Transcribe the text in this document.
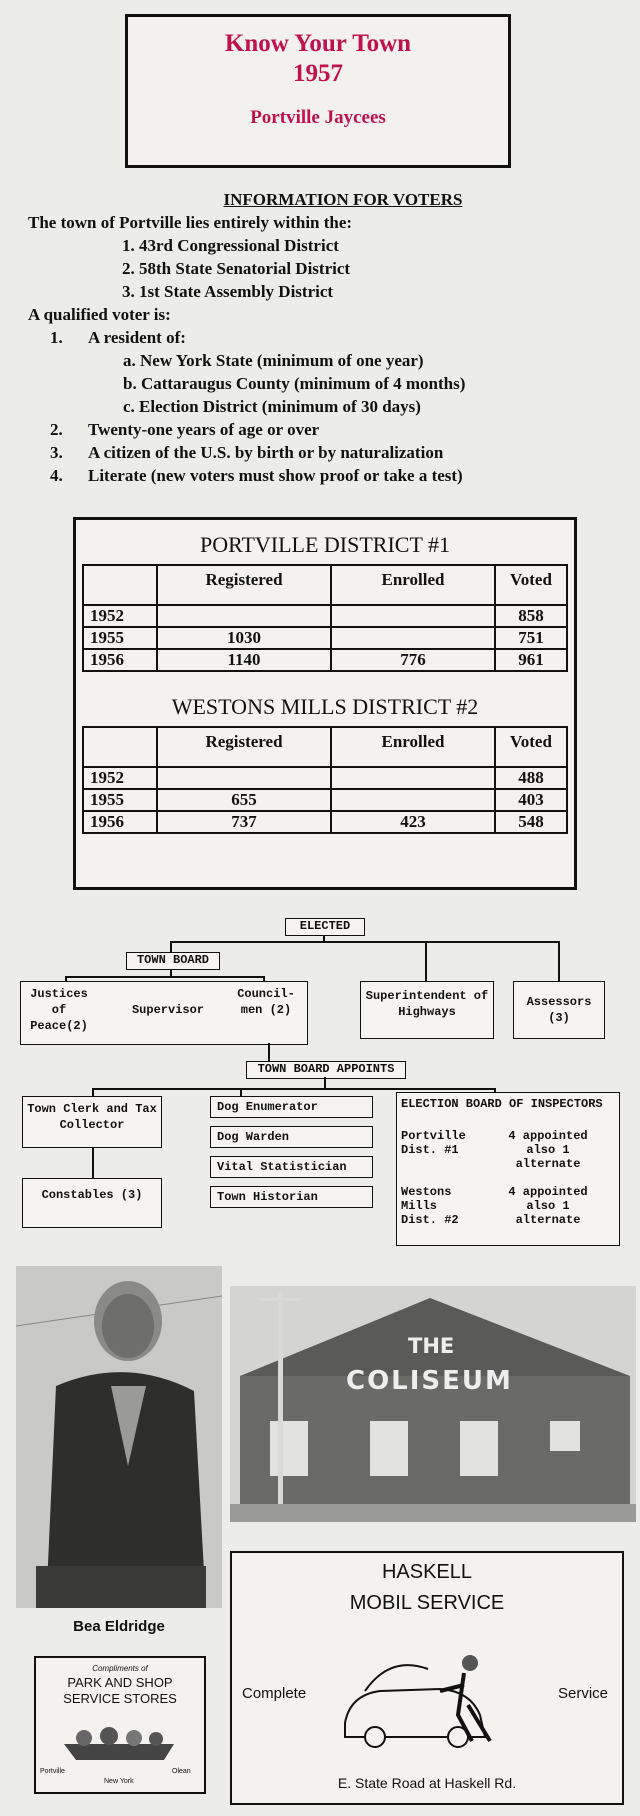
Know Your Town
1957
Portville Jaycees
INFORMATION FOR VOTERS
The town of Portville lies entirely within the:
1. 43rd Congressional District
2. 58th State Senatorial District
3. 1st State Assembly District
A qualified voter is:
1. A resident of:
a. New York State (minimum of one year)
b. Cattaraugus County (minimum of 4 months)
c. Election District (minimum of 30 days)
2. Twenty-one years of age or over
3. A citizen of the U.S. by birth or by naturalization
4. Literate (new voters must show proof or take a test)
PORTVILLE DISTRICT #1
	Registered	Enrolled	Voted
1952			858
1955	1030		751
1956	1140	776	961
WESTONS MILLS DISTRICT #2
	Registered	Enrolled	Voted
1952			488
1955	655		403
1956	737	423	548
ELECTED
TOWN BOARD
Justices of Peace(2)
Supervisor
Council- men (2)
Superintendent of Highways
Assessors (3)
TOWN BOARD APPOINTS
Town Clerk and Tax Collector
Constables (3)
Dog Enumerator
Dog Warden
Vital Statistician
Town Historian
ELECTION BOARD OF INSPECTORS
Portville Dist. #1
4 appointed also 1 alternate
Westons Mills Dist. #2
4 appointed also 1 alternate
Bea Eldridge
THE
COLISEUM
Compliments of
PARK AND SHOP SERVICE STORES
Portville
New York
Olean
HASKELL
MOBIL SERVICE
Complete	Service
E. State Road at Haskell Rd.
